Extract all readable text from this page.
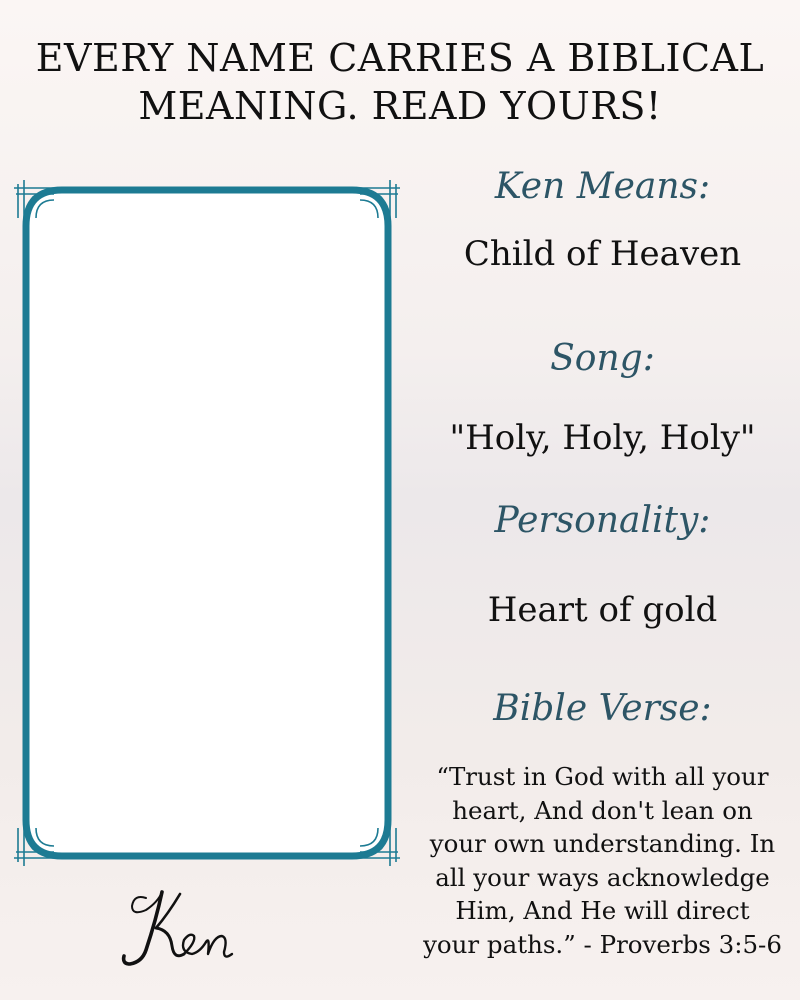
EVERY NAME CARRIES A BIBLICAL
MEANING. READ YOURS!
Ken Means:
Child of Heaven
Song:
"Holy, Holy, Holy"
Personality:
Heart of gold
Bible Verse:
“Trust in God with all your
heart, And don't lean on
your own understanding. In
all your ways acknowledge
Him, And He will direct
your paths.” - Proverbs 3:5-6
